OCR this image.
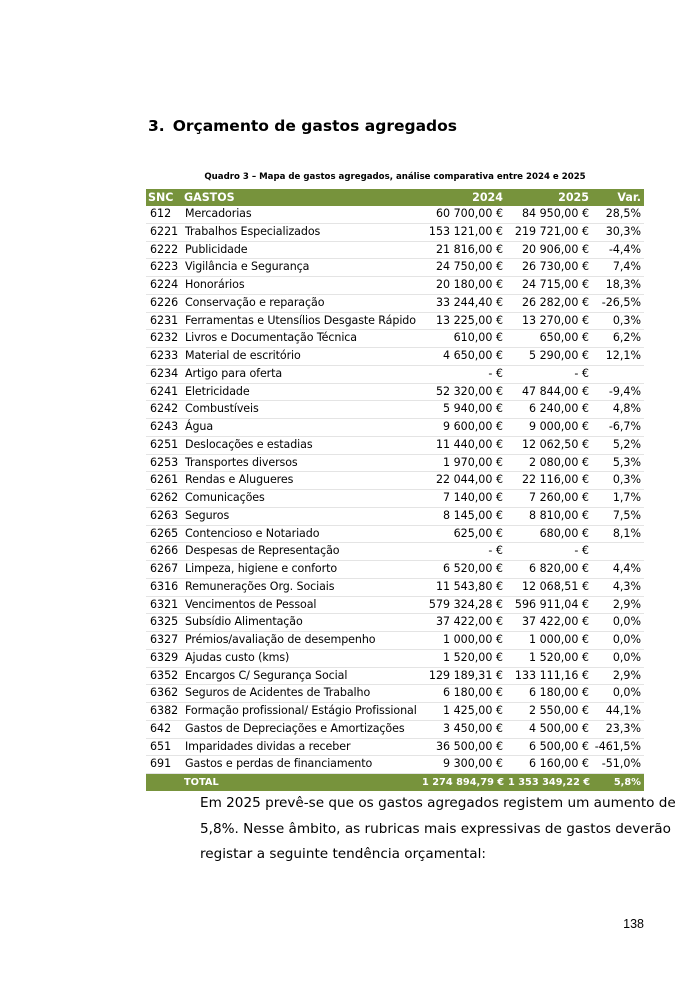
3. Orçamento de gastos agregados
Quadro 3 – Mapa de gastos agregados, análise comparativa entre 2024 e 2025
SNC	GASTOS	2024	2025	Var.
612	Mercadorias	60 700,00 €	84 950,00 €	28,5%
6221	Trabalhos Especializados	153 121,00 €	219 721,00 €	30,3%
6222	Publicidade	21 816,00 €	20 906,00 €	-4,4%
6223	Vigilância e Segurança	24 750,00 €	26 730,00 €	7,4%
6224	Honorários	20 180,00 €	24 715,00 €	18,3%
6226	Conservação e reparação	33 244,40 €	26 282,00 €	-26,5%
6231	Ferramentas e Utensílios Desgaste Rápido	13 225,00 €	13 270,00 €	0,3%
6232	Livros e Documentação Técnica	610,00 €	650,00 €	6,2%
6233	Material de escritório	4 650,00 €	5 290,00 €	12,1%
6234	Artigo para oferta	- €	- €	
6241	Eletricidade	52 320,00 €	47 844,00 €	-9,4%
6242	Combustíveis	5 940,00 €	6 240,00 €	4,8%
6243	Água	9 600,00 €	9 000,00 €	-6,7%
6251	Deslocações e estadias	11 440,00 €	12 062,50 €	5,2%
6253	Transportes diversos	1 970,00 €	2 080,00 €	5,3%
6261	Rendas e Alugueres	22 044,00 €	22 116,00 €	0,3%
6262	Comunicações	7 140,00 €	7 260,00 €	1,7%
6263	Seguros	8 145,00 €	8 810,00 €	7,5%
6265	Contencioso e Notariado	625,00 €	680,00 €	8,1%
6266	Despesas de Representação	- €	- €	
6267	Limpeza, higiene e conforto	6 520,00 €	6 820,00 €	4,4%
6316	Remunerações Org. Sociais	11 543,80 €	12 068,51 €	4,3%
6321	Vencimentos de Pessoal	579 324,28 €	596 911,04 €	2,9%
6325	Subsídio Alimentação	37 422,00 €	37 422,00 €	0,0%
6327	Prémios/avaliação de desempenho	1 000,00 €	1 000,00 €	0,0%
6329	Ajudas custo (kms)	1 520,00 €	1 520,00 €	0,0%
6352	Encargos C/ Segurança Social	129 189,31 €	133 111,16 €	2,9%
6362	Seguros de Acidentes de Trabalho	6 180,00 €	6 180,00 €	0,0%
6382	Formação profissional/ Estágio Profissional	1 425,00 €	2 550,00 €	44,1%
642	Gastos de Depreciações e Amortizações	3 450,00 €	4 500,00 €	23,3%
651	Imparidades dividas a receber	36 500,00 €	6 500,00 €	-461,5%
691	Gastos e perdas de financiamento	9 300,00 €	6 160,00 €	-51,0%
	TOTAL	1 274 894,79 €	1 353 349,22 €	5,8%

Em 2025 prevê-se que os gastos agregados registem um aumento de
5,8%. Nesse âmbito, as rubricas mais expressivas de gastos deverão
registar a seguinte tendência orçamental:

138
